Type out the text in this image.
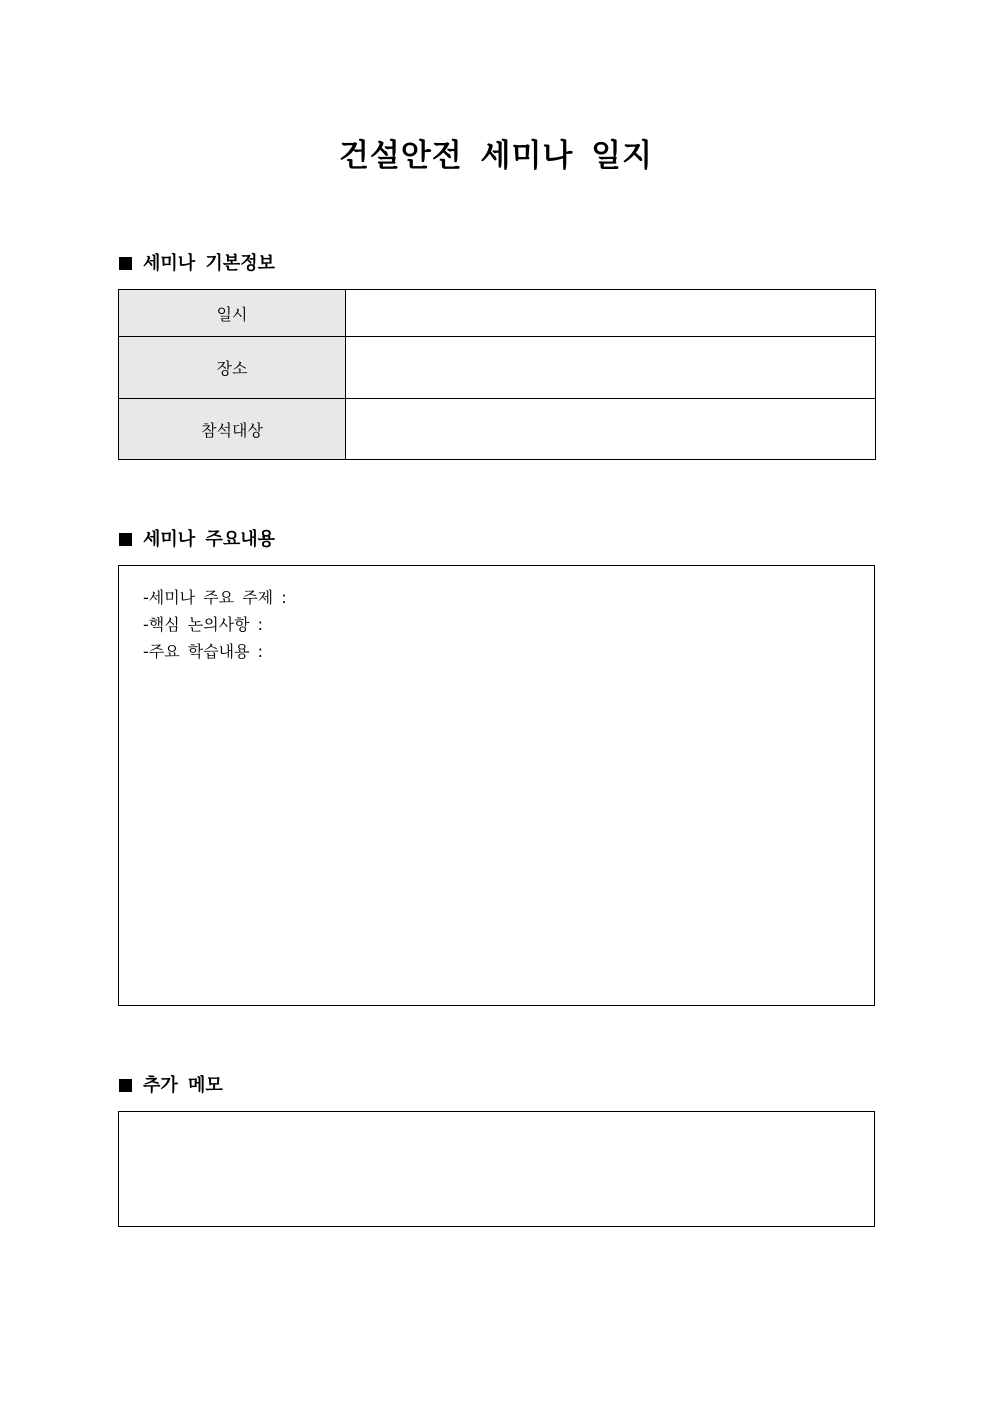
건설안전 세미나 일지
세미나 기본정보
일시	
장소	
참석대상	
세미나 주요내용
-세미나 주요 주제 :
-핵심 논의사항 :
-주요 학습내용 :
추가 메모
